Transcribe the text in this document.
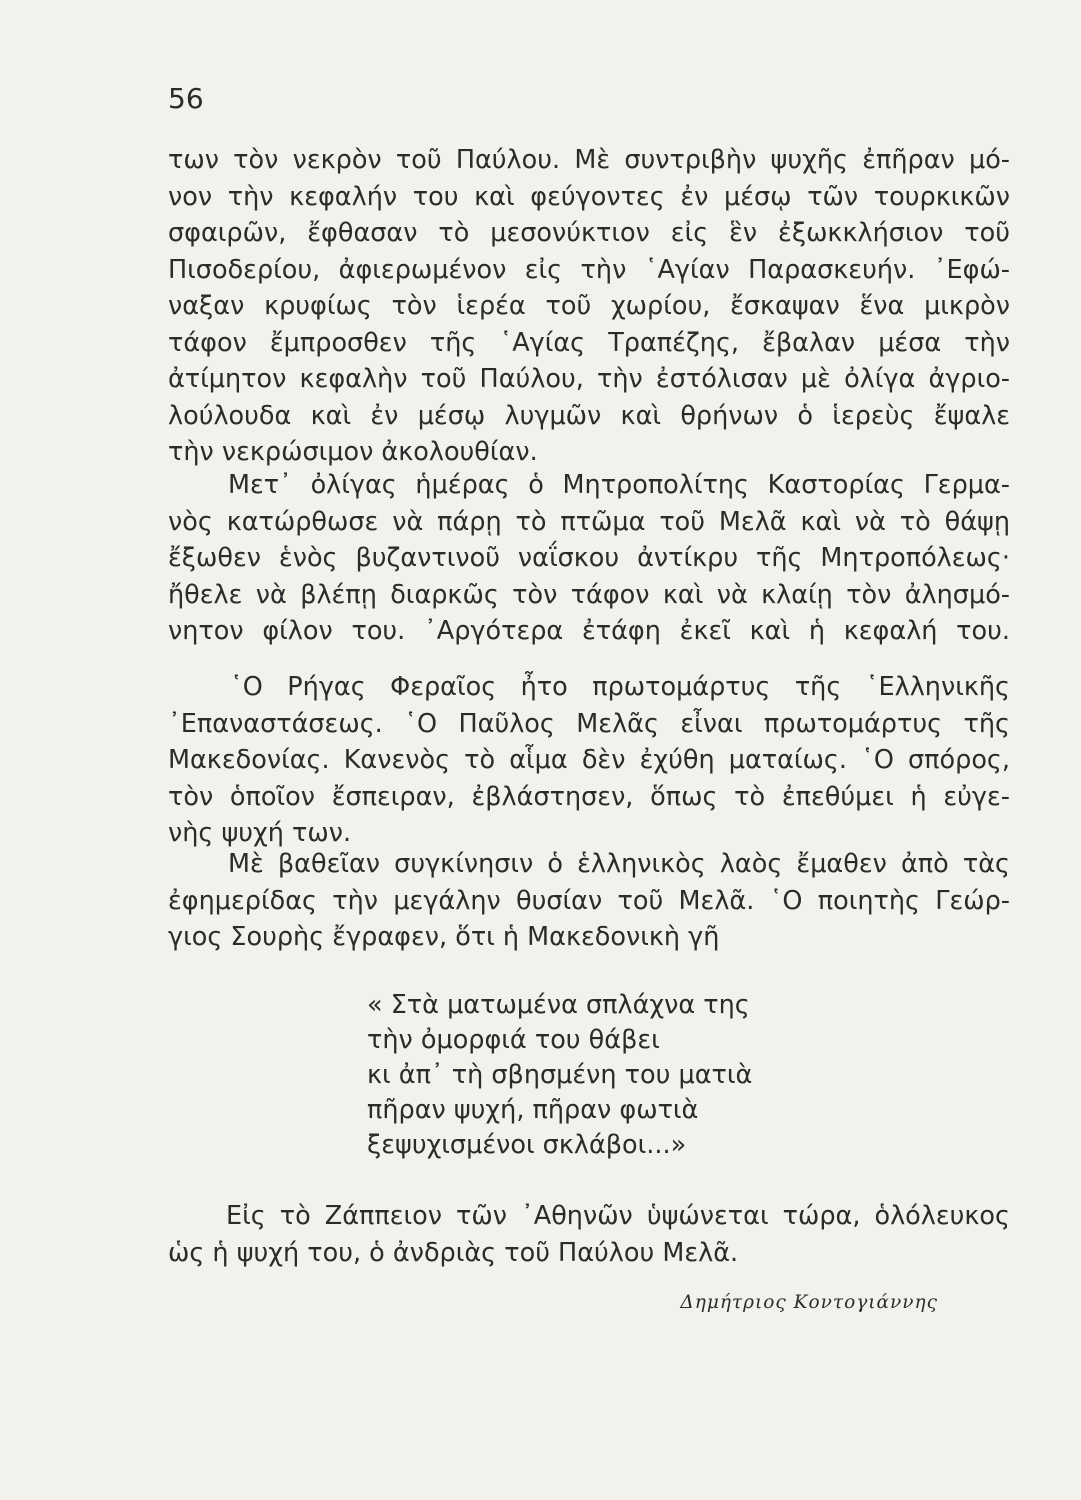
56
των τὸν νεκρὸν τοῦ Παύλου. Μὲ συντριβὴν ψυχῆς ἐπῆραν μό-
νον τὴν κεφαλήν του καὶ φεύγοντες ἐν μέσῳ τῶν τουρκικῶν
σφαιρῶν, ἔφθασαν τὸ μεσονύκτιον εἰς ἓν ἐξωκκλήσιον τοῦ
Πισοδερίου, ἀφιερωμένον εἰς τὴν ῾Αγίαν Παρασκευήν. ᾿Εφώ-
ναξαν κρυφίως τὸν ἱερέα τοῦ χωρίου, ἔσκαψαν ἕνα μικρὸν
τάφον ἔμπροσθεν τῆς ῾Αγίας Τραπέζης, ἔβαλαν μέσα τὴν
ἀτίμητον κεφαλὴν τοῦ Παύλου, τὴν ἐστόλισαν μὲ ὀλίγα ἀγριο-
λούλουδα καὶ ἐν μέσῳ λυγμῶν καὶ θρήνων ὁ ἱερεὺς ἔψαλε
τὴν νεκρώσιμον ἀκολουθίαν.
Μετ᾿ ὀλίγας ἡμέρας ὁ Μητροπολίτης Καστορίας Γερμα-
νὸς κατώρθωσε νὰ πάρῃ τὸ πτῶμα τοῦ Μελᾶ καὶ νὰ τὸ θάψῃ
ἔξωθεν ἑνὸς βυζαντινοῦ ναΐσκου ἀντίκρυ τῆς Μητροπόλεως·
ἤθελε νὰ βλέπῃ διαρκῶς τὸν τάφον καὶ νὰ κλαίῃ τὸν ἀλησμό-
νητον φίλον του. ᾿Αργότερα ἐτάφη ἐκεῖ καὶ ἡ κεφαλή του.
῾Ο Ρήγας Φεραῖος ἦτο πρωτομάρτυς τῆς ῾Ελληνικῆς
᾿Επαναστάσεως. ῾Ο Παῦλος Μελᾶς εἶναι πρωτομάρτυς τῆς
Μακεδονίας. Κανενὸς τὸ αἷμα δὲν ἐχύθη ματαίως. ῾Ο σπόρος,
τὸν ὁποῖον ἔσπειραν, ἐβλάστησεν, ὅπως τὸ ἐπεθύμει ἡ εὐγε-
νὴς ψυχή των.
Μὲ βαθεῖαν συγκίνησιν ὁ ἑλληνικὸς λαὸς ἔμαθεν ἀπὸ τὰς
ἐφημερίδας τὴν μεγάλην θυσίαν τοῦ Μελᾶ. ῾Ο ποιητὴς Γεώρ-
γιος Σουρὴς ἔγραφεν, ὅτι ἡ Μακεδονικὴ γῆ
« Στὰ ματωμένα σπλάχνα της
τὴν ὀμορφιά του θάβει
κι ἀπ᾿ τὴ σβησμένη του ματιὰ
πῆραν ψυχή, πῆραν φωτιὰ
ξεψυχισμένοι σκλάβοι...»
Εἰς τὸ Ζάππειον τῶν ᾿Αθηνῶν ὑψώνεται τώρα, ὁλόλευκος
ὡς ἡ ψυχή του, ὁ ἀνδριὰς τοῦ Παύλου Μελᾶ.
Δημήτριος Κοντογιάννης
